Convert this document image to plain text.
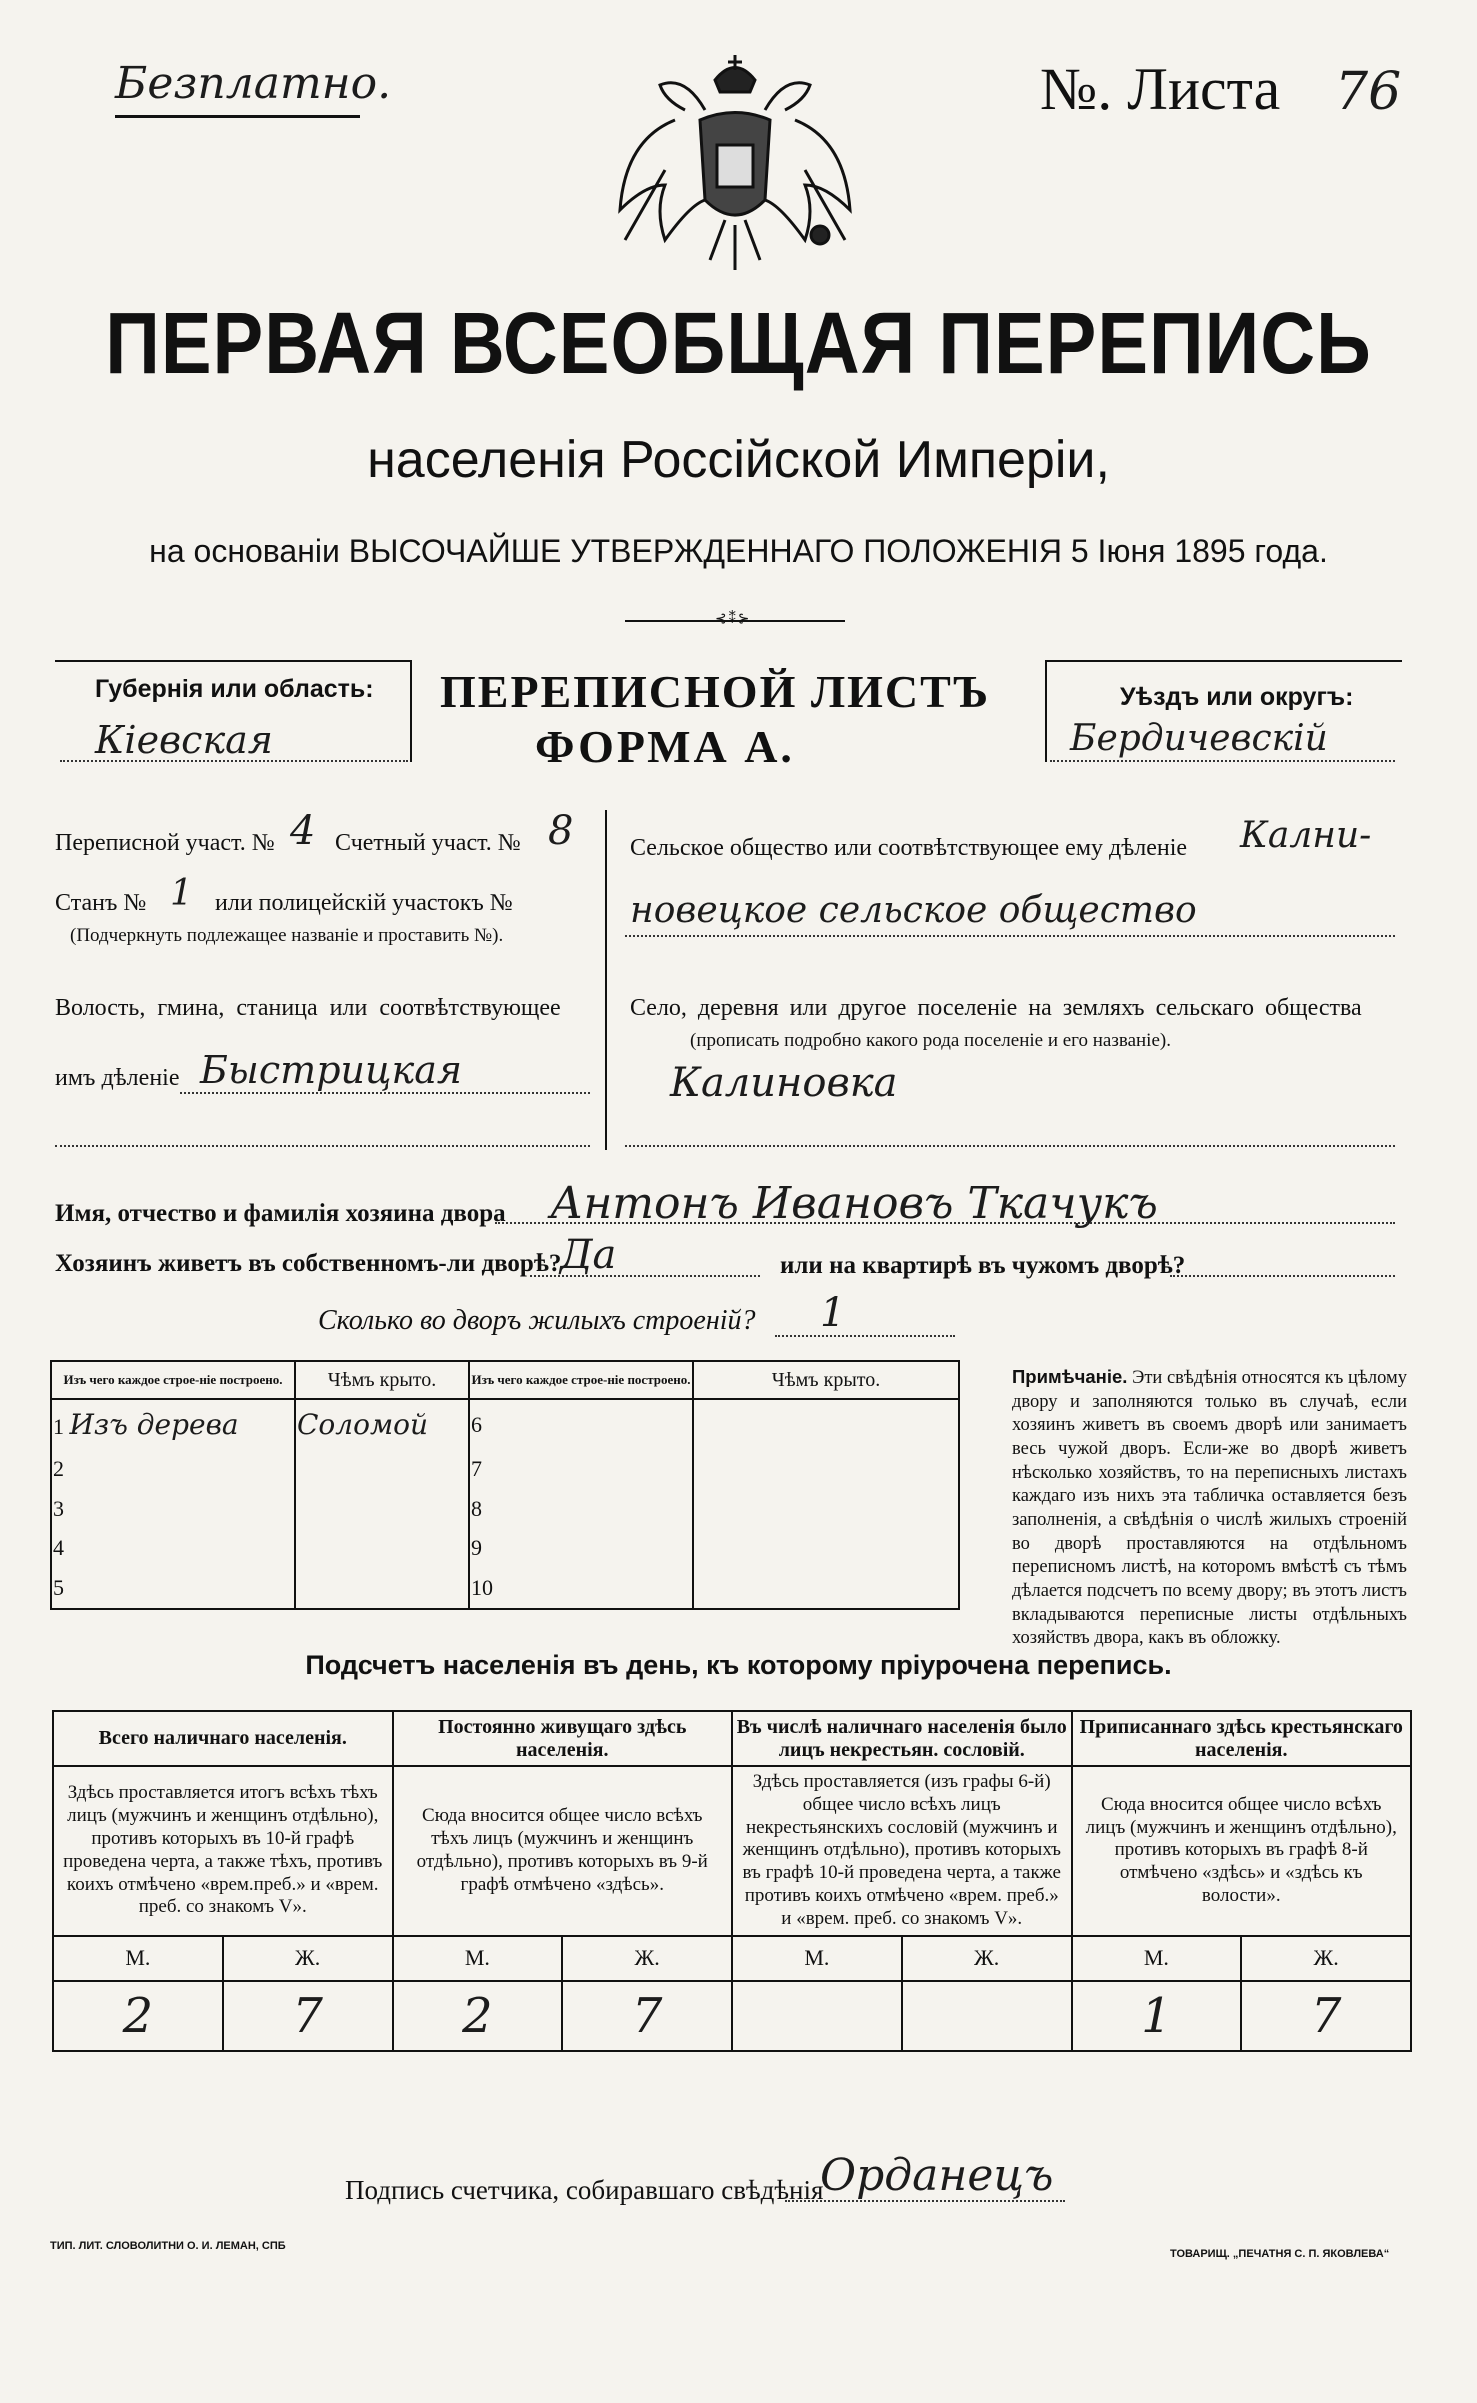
Безплатно.	№. Листа 76
ПЕРВАЯ ВСЕОБЩАЯ ПЕРЕПИСЬ
населенія Россійской Имперіи,
на основаніи ВЫСОЧАЙШЕ УТВЕРЖДЕННАГО ПОЛОЖЕНІЯ 5 Іюня 1895 года.
⊰⁑⊱
Губернія или область:
Кіевская
ПЕРЕПИСНОЙ ЛИСТЪ
ФОРМА А.
Уѣздъ или округъ:
Бердичевскій
Переписной участ. № 4 Счетный участ. № 8
Станъ № 1 или полицейскій участокъ №
(Подчеркнуть подлежащее названіе и проставить №).
Волость, гмина, станица или соотвѣтствующее
имъ дѣленіе Быстрицкая
Сельское общество или соотвѣтствующее ему дѣленіе Кални-
новецкое сельское общество
Село, деревня или другое поселеніе на земляхъ сельскаго общества
(прописать подробно какого рода поселеніе и его названіе).
Калиновка
Имя, отчество и фамилія хозяина двора Антонъ Ивановъ Ткачукъ
Хозяинъ живетъ въ собственномъ-ли дворѣ?
Да	или на квартирѣ въ чужомъ дворѣ?
Сколько во дворъ жилыхъ строеній? 1
Изъ чего каждое строе-ніе построено.	Чѣмъ крыто.	Изъ чего каждое строе-ніе построено.	Чѣмъ крыто.
1 Изъ дерева	Соломой	6	
2		7	
3		8	
4		9	
5		10	
Примѣчаніе. Эти свѣдѣнія относятся къ цѣлому двору и заполняются только въ случаѣ, если хозяинъ живетъ въ своемъ дворѣ или занимаетъ весь чужой дворъ. Если-же во дворѣ живетъ нѣсколько хозяйствъ, то на переписныхъ листахъ каждаго изъ нихъ эта табличка оставляется безъ заполненія, а свѣдѣнія о числѣ жилыхъ строеній во дворѣ проставляются на отдѣльномъ переписномъ листѣ, на которомъ вмѣстѣ съ тѣмъ дѣлается подсчетъ по всему двору; въ этотъ листъ вкладываются переписные листы отдѣльныхъ хозяйствъ двора, какъ въ обложку.
Подсчетъ населенія въ день, къ которому пріурочена перепись.
Всего наличнаго населенія.		Постоянно живущаго здѣсь населенія.		Въ числѣ наличнаго населенія было лицъ некрестьян. сословій.		Приписаннаго здѣсь крестьянскаго населенія.	
Здѣсь проставляется итогъ всѣхъ тѣхъ лицъ (мужчинъ и женщинъ отдѣльно), противъ которыхъ въ 10-й графѣ проведена черта, а также тѣхъ, противъ коихъ отмѣчено «врем.преб.» и «врем. преб. со знакомъ V».		Сюда вносится общее число всѣхъ тѣхъ лицъ (мужчинъ и женщинъ отдѣльно), противъ которыхъ въ 9-й графѣ отмѣчено «здѣсь».		Здѣсь проставляется (изъ графы 6-й) общее число всѣхъ лицъ некрестьянскихъ сословій (мужчинъ и женщинъ отдѣльно), противъ которыхъ въ графѣ 10-й проведена черта, а также противъ коихъ отмѣчено «врем. преб.» и «врем. преб. со знакомъ V».		Сюда вносится общее число всѣхъ лицъ (мужчинъ и женщинъ отдѣльно), противъ которыхъ въ графѣ 8-й отмѣчено «здѣсь» и «здѣсь къ волости».	
М.	Ж.	М.	Ж.	М.	Ж.	М.	Ж.
2	7	2	7			1	7
Подпись счетчика, собиравшаго свѣдѣнія
Орданецъ
ТИП. ЛИТ. СЛОВОЛИТНИ О. И. ЛЕМАН, СПБ
ТОВАРИЩ. „ПЕЧАТНЯ С. П. ЯКОВЛЕВА“
